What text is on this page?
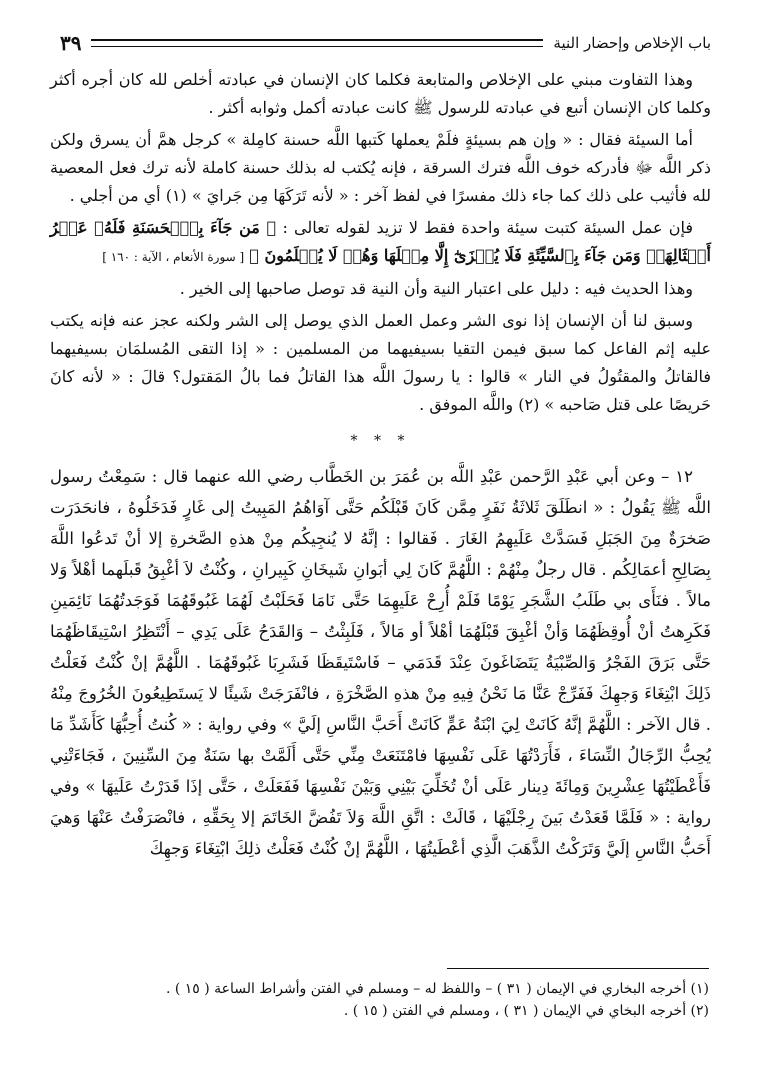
باب الإخلاص وإحضار النية
٣٩

وهذا التفاوت مبني على الإخلاص والمتابعة فكلما كان الإنسان في عبادته أخلص لله كان أجره أكثر وكلما كان الإنسان أتبع في عبادته للرسول ﷺ كانت عبادته أكمل وثوابه أكثر .

أما السيئة فقال : « وإن هم بسيئةٍ فلَمْ يعملها كَتبها اللَّه حسنة كامِلة » كرجل همَّ أن يسرق ولكن ذكر اللَّه ﷻ فأدركه خوف اللَّه فترك السرقة ، فإنه يُكتب له بذلك حسنة كاملة لأنه ترك فعل المعصية لله فأثيب على ذلك كما جاء ذلك مفسرًا في لفظ آخر : « لأنه تَرَكَهَا مِن جَرايَ » (١) أي من أجلي .

فإن عمل السيئة كتبت سيئة واحدة فقط لا تزيد لقوله تعالى : ﴿ مَن جَآءَ بِٱلۡحَسَنَةِ فَلَهُۥ عَشۡرُ أَمۡثَالِهَاۖ وَمَن جَآءَ بِٱلسَّيِّئَةِ فَلَا يُجۡزَىٰٓ إِلَّا مِثۡلَهَا وَهُمۡ لَا يُظۡلَمُونَ ﴾ [ سورة الأنعام ، الآية : ١٦٠ ]

وهذا الحديث فيه : دليل على اعتبار النية وأن النية قد توصل صاحبها إلى الخير .

وسبق لنا أن الإنسان إذا نوى الشر وعمل العمل الذي يوصل إلى الشر ولكنه عجز عنه فإنه يكتب عليه إثم الفاعل كما سبق فيمن التقيا بسيفيهما من المسلمين : « إذا التقى المُسلمَان بسيفيهما فالقاتلُ والمقتُولُ في النار » قالوا : يا رسولَ اللَّه هذا القاتلُ فما بالُ المَقتول؟ قالَ : « لأنه كانَ حَريصًا على قتل صَاحبه » (٢) واللَّه الموفق .

* * *

١٢ – وعن أبي عَبْدِ الرَّحمن عَبْدِ اللَّه بن عُمَرَ بن الخَطَّاب رضي الله عنهما قال : سَمِعْتُ رسول اللَّه ﷺ يَقُولُ : « انطَلَقَ ثَلاثَةُ نَفَرٍ مِمَّن كَانَ قَبْلَكُم حَتَّى آوَاهُمُ المَبِيتُ إلى غَارٍ فَدَخَلُوهُ ، فانحَدَرَت صَخرَةٌ مِنَ الجَبَلِ فَسَدَّتْ عَلَيهِمُ الغَارَ . فَقالوا : إنَّهُ لا يُنجِيكُم مِنْ هذهِ الصَّخرةِ إلا أنْ تَدعُوا اللَّهَ بِصَالِحِ أعمَالِكُم . قال رجلٌ مِنْهُمْ : اللَّهُمَّ كَانَ لِي أبَوانِ شَيخَانِ كَبِيرانِ ، وكُنْتُ لاَ أغْبِقُ قَبلَهما أهْلاً وَلا مالاً . فنَأَى بي طَلَبُ الشَّجَرِ يَوْمًا فَلَمْ أُرِحْ عَلَيهِمَا حَتَّى نَامَا فَحَلَبْتُ لَهُمَا غَبُوقَهُمَا فَوَجَدتُهُمَا نَائِمَينِ فَكَرِهتُ أنْ أُوقِظَهُمَا وَأنْ أغْبِقَ قَبْلَهُمَا أهْلاً أو مَالاً ، فَلَبِثْتُ – وَالقَدَحُ عَلَى يَدِي – أَنْتَظِرُ اسْتِيقَاظَهُمَا حَتَّى بَرَقَ الفَجْرُ وَالصِّبْيَةُ يَتَضَاغَونَ عِنْدَ قَدَمَي – فَاسْتَيقَظَا فَشَرِبَا غَبُوقَهُمَا . اللَّهُمَّ إنْ كُنْتُ فَعَلْتُ ذَلِكَ ابْتِغَاءَ وَجهِكَ فَفَرِّجْ عَنَّا مَا نَحْنُ فِيهِ مِنْ هذهِ الصَّخْرَةِ ، فانْفَرَجَتْ شَيئًا لا يَستَطِيعُونَ الخُرُوجَ مِنْهُ . قال الآخر : اللَّهُمَّ إنَّهُ كَانَتْ لِيَ ابْنَةُ عَمٍّ كَانَتْ أَحَبَّ النَّاسِ إلَيَّ » وفي رواية : « كُنتُ أُحِبُّهَا كَأَشَدِّ مَا يُحِبُّ الرِّجَالُ النِّسَاءَ ، فَأَرَدْتُهَا عَلَى نَفْسِهَا فامْتَنَعَتْ مِنِّي حَتَّى أَلَمَّتْ بها سَنَةٌ مِنَ السِّنِينَ ، فَجَاءَتْنِي فَأَعْطَيْتُهَا عِشْرِينَ وَمِائَةَ دِينار عَلَى أنْ تُخَلِّيَ بَيْنِي وَبَيْنَ نَفْسِهَا فَفَعَلَتْ ، حَتَّى إذَا قَدَرْتُ عَلَيهَا » وفي رواية : « فَلَمَّا قَعَدْتُ بَينَ رِجْلَيْهَا ، قَالَتْ : اتَّقِ اللَّهَ وَلاَ تَفُضَّ الخَاتَمَ إلا بِحَقِّهِ ، فانْصَرَفْتُ عَنْهَا وَهيَ أَحَبُّ النَّاسِ إلَيَّ وَتَرَكْتُ الذَّهَبَ الَّذِي أعْطَيتُهَا ، اللَّهُمَّ إنْ كُنْتُ فَعَلْتُ ذلِكَ ابْتِغَاءَ وَجهِكَ

(١) أخرجه البخاري في الإيمان ( ٣١ ) – واللفظ له – ومسلم في الفتن وأشراط الساعة ( ١٥ ) .
(٢) أخرجه البخاي في الإيمان ( ٣١ ) ، ومسلم في الفتن ( ١٥ ) .
